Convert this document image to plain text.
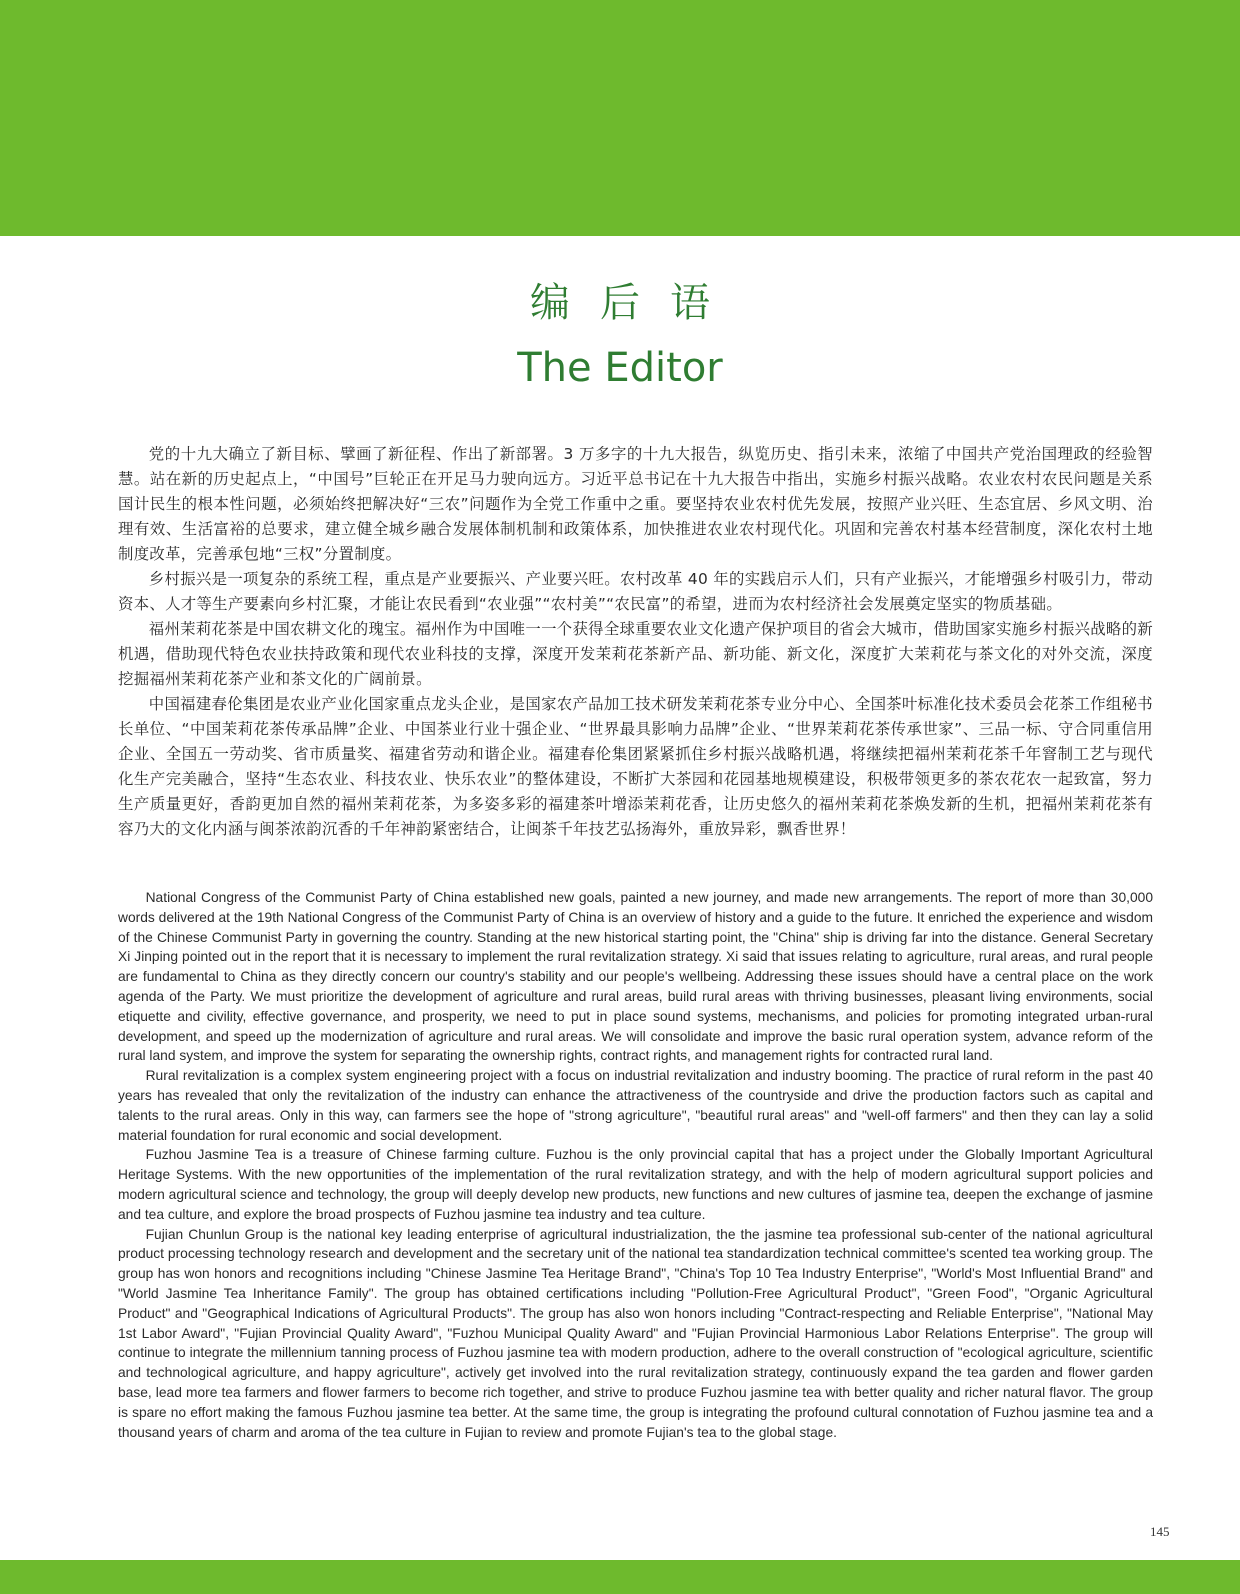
编后语
The Editor

党的十九大确立了新目标、擘画了新征程、作出了新部署。3 万多字的十九大报告，纵览历史、指引未来，浓缩了中国共产党治国理政的经验智慧。站在新的历史起点上，“中国号”巨轮正在开足马力驶向远方。习近平总书记在十九大报告中指出，实施乡村振兴战略。农业农村农民问题是关系国计民生的根本性问题，必须始终把解决好“三农”问题作为全党工作重中之重。要坚持农业农村优先发展，按照产业兴旺、生态宜居、乡风文明、治理有效、生活富裕的总要求，建立健全城乡融合发展体制机制和政策体系，加快推进农业农村现代化。巩固和完善农村基本经营制度，深化农村土地制度改革，完善承包地“三权”分置制度。

乡村振兴是一项复杂的系统工程，重点是产业要振兴、产业要兴旺。农村改革 40 年的实践启示人们，只有产业振兴，才能增强乡村吸引力，带动资本、人才等生产要素向乡村汇聚，才能让农民看到“农业强”“农村美”“农民富”的希望，进而为农村经济社会发展奠定坚实的物质基础。

福州茉莉花茶是中国农耕文化的瑰宝。福州作为中国唯一一个获得全球重要农业文化遗产保护项目的省会大城市，借助国家实施乡村振兴战略的新机遇，借助现代特色农业扶持政策和现代农业科技的支撑，深度开发茉莉花茶新产品、新功能、新文化，深度扩大茉莉花与茶文化的对外交流，深度挖掘福州茉莉花茶产业和茶文化的广阔前景。

中国福建春伦集团是农业产业化国家重点龙头企业，是国家农产品加工技术研发茉莉花茶专业分中心、全国茶叶标准化技术委员会花茶工作组秘书长单位、“中国茉莉花茶传承品牌”企业、中国茶业行业十强企业、“世界最具影响力品牌”企业、“世界茉莉花茶传承世家”、三品一标、守合同重信用企业、全国五一劳动奖、省市质量奖、福建省劳动和谐企业。福建春伦集团紧紧抓住乡村振兴战略机遇，将继续把福州茉莉花茶千年窨制工艺与现代化生产完美融合，坚持“生态农业、科技农业、快乐农业”的整体建设，不断扩大茶园和花园基地规模建设，积极带领更多的茶农花农一起致富，努力生产质量更好，香韵更加自然的福州茉莉花茶，为多姿多彩的福建茶叶增添茉莉花香，让历史悠久的福州茉莉花茶焕发新的生机，把福州茉莉花茶有容乃大的文化内涵与闽茶浓韵沉香的千年神韵紧密结合，让闽茶千年技艺弘扬海外，重放异彩，飘香世界！

National Congress of the Communist Party of China established new goals, painted a new journey, and made new arrangements. The report of more than 30,000 words delivered at the 19th National Congress of the Communist Party of China is an overview of history and a guide to the future. It enriched the experience and wisdom of the Chinese Communist Party in governing the country. Standing at the new historical starting point, the "China" ship is driving far into the distance. General Secretary Xi Jinping pointed out in the report that it is necessary to implement the rural revitalization strategy. Xi said that issues relating to agriculture, rural areas, and rural people are fundamental to China as they directly concern our country's stability and our people's wellbeing. Addressing these issues should have a central place on the work agenda of the Party. We must prioritize the development of agriculture and rural areas, build rural areas with thriving businesses, pleasant living environments, social etiquette and civility, effective governance, and prosperity, we need to put in place sound systems, mechanisms, and policies for promoting integrated urban-rural development, and speed up the modernization of agriculture and rural areas. We will consolidate and improve the basic rural operation system, advance reform of the rural land system, and improve the system for separating the ownership rights, contract rights, and management rights for contracted rural land.

Rural revitalization is a complex system engineering project with a focus on industrial revitalization and industry booming. The practice of rural reform in the past 40 years has revealed that only the revitalization of the industry can enhance the attractiveness of the countryside and drive the production factors such as capital and talents to the rural areas. Only in this way, can farmers see the hope of "strong agriculture", "beautiful rural areas" and "well-off farmers" and then they can lay a solid material foundation for rural economic and social development.

Fuzhou Jasmine Tea is a treasure of Chinese farming culture. Fuzhou is the only provincial capital that has a project under the Globally Important Agricultural Heritage Systems. With the new opportunities of the implementation of the rural revitalization strategy, and with the help of modern agricultural support policies and modern agricultural science and technology, the group will deeply develop new products, new functions and new cultures of jasmine tea, deepen the exchange of jasmine and tea culture, and explore the broad prospects of Fuzhou jasmine tea industry and tea culture.

Fujian Chunlun Group is the national key leading enterprise of agricultural industrialization, the the jasmine tea professional sub-center of the national agricultural product processing technology research and development and the secretary unit of the national tea standardization technical committee's scented tea working group. The group has won honors and recognitions including "Chinese Jasmine Tea Heritage Brand", "China's Top 10 Tea Industry Enterprise", "World's Most Influential Brand" and "World Jasmine Tea Inheritance Family". The group has obtained certifications including "Pollution-Free Agricultural Product", "Green Food", "Organic Agricultural Product" and "Geographical Indications of Agricultural Products". The group has also won honors including "Contract-respecting and Reliable Enterprise", "National May 1st Labor Award", "Fujian Provincial Quality Award", "Fuzhou Municipal Quality Award" and "Fujian Provincial Harmonious Labor Relations Enterprise". The group will continue to integrate the millennium tanning process of Fuzhou jasmine tea with modern production, adhere to the overall construction of "ecological agriculture, scientific and technological agriculture, and happy agriculture", actively get involved into the rural revitalization strategy, continuously expand the tea garden and flower garden base, lead more tea farmers and flower farmers to become rich together, and strive to produce Fuzhou jasmine tea with better quality and richer natural flavor. The group is spare no effort making the famous Fuzhou jasmine tea better. At the same time, the group is integrating the profound cultural connotation of Fuzhou jasmine tea and a thousand years of charm and aroma of the tea culture in Fujian to review and promote Fujian's tea to the global stage.

145
